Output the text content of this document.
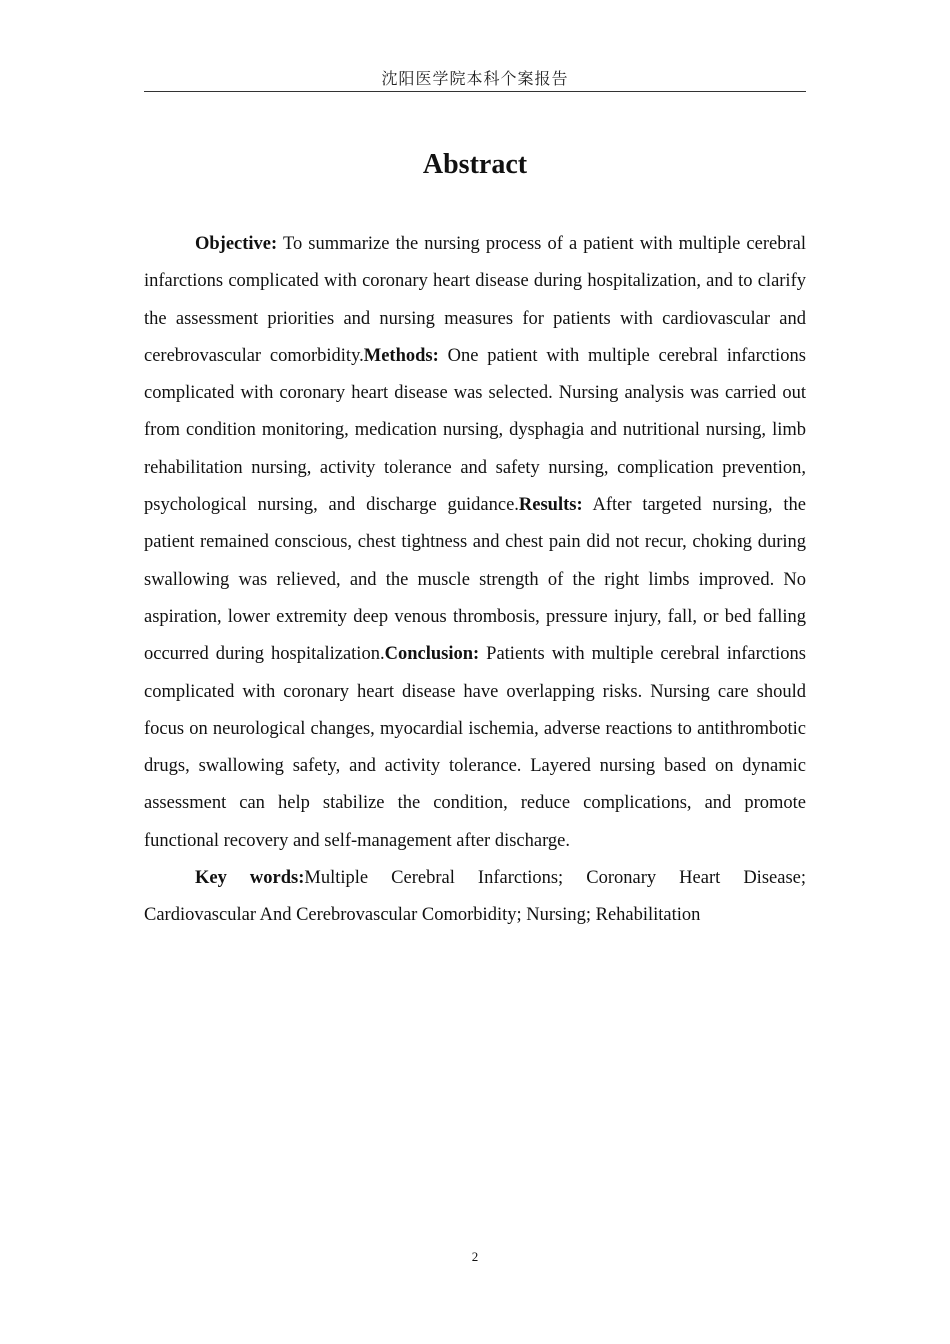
沈阳医学院本科个案报告
Abstract

Objective: To summarize the nursing process of a patient with multiple cerebral infarctions complicated with coronary heart disease during hospitalization, and to clarify the assessment priorities and nursing measures for patients with cardiovascular and cerebrovascular comorbidity.Methods: One patient with multiple cerebral infarctions complicated with coronary heart disease was selected. Nursing analysis was carried out from condition monitoring, medication nursing, dysphagia and nutritional nursing, limb rehabilitation nursing, activity tolerance and safety nursing, complication prevention, psychological nursing, and discharge guidance.Results: After targeted nursing, the patient remained conscious, chest tightness and chest pain did not recur, choking during swallowing was relieved, and the muscle strength of the right limbs improved. No aspiration, lower extremity deep venous thrombosis, pressure injury, fall, or bed falling occurred during hospitalization.Conclusion: Patients with multiple cerebral infarctions complicated with coronary heart disease have overlapping risks. Nursing care should focus on neurological changes, myocardial ischemia, adverse reactions to antithrombotic drugs, swallowing safety, and activity tolerance. Layered nursing based on dynamic assessment can help stabilize the condition, reduce complications, and promote functional recovery and self-management after discharge.

Key words:Multiple Cerebral Infarctions; Coronary Heart Disease; Cardiovascular And Cerebrovascular Comorbidity; Nursing; Rehabilitation

2
